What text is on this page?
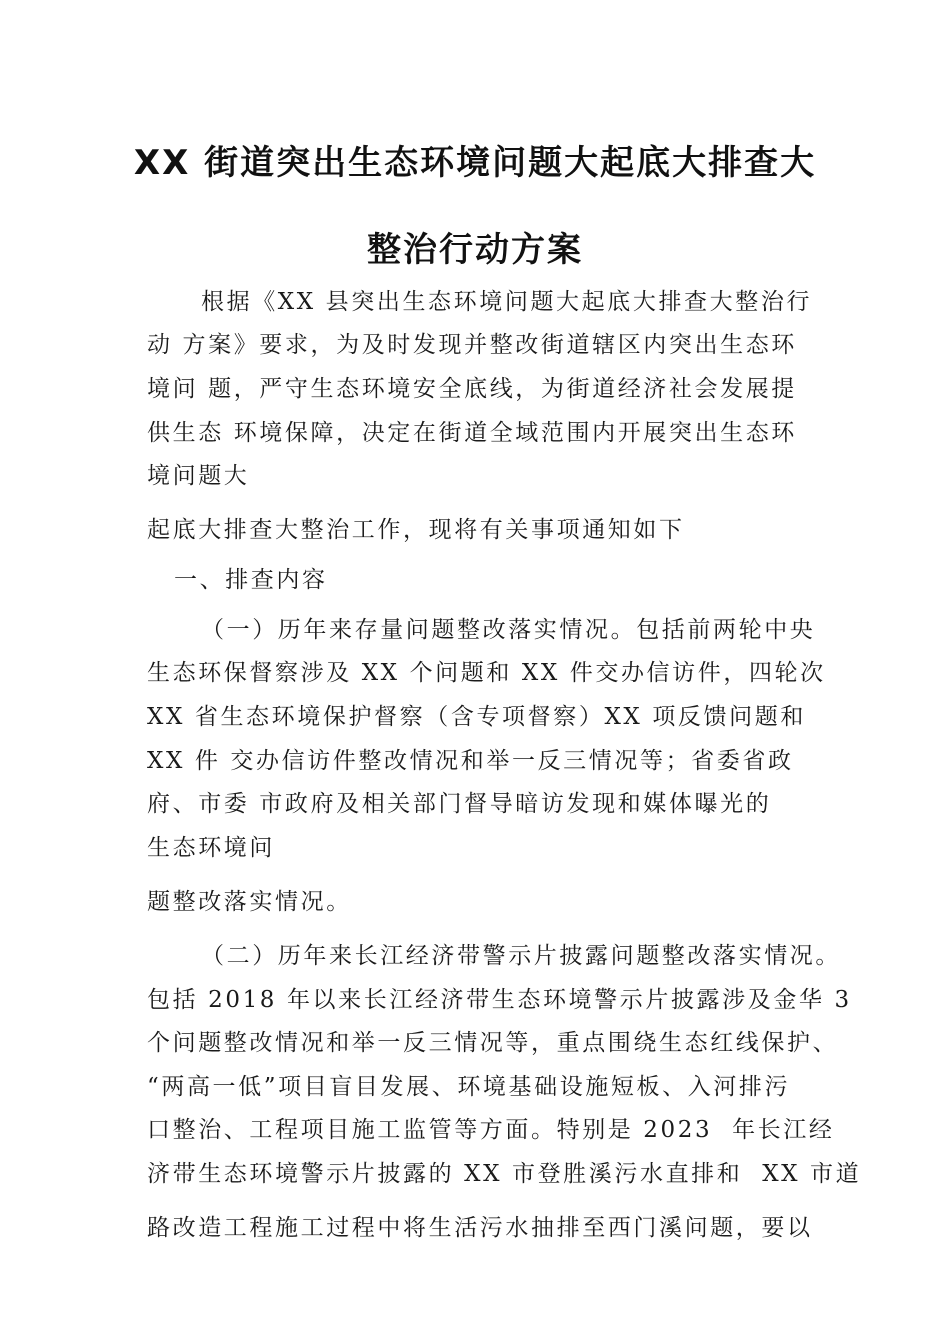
XX 街道突出生态环境问题大起底大排查大
整治行动方案
根据《XX 县突出生态环境问题大起底大排查大整治行
动 方案》要求，为及时发现并整改街道辖区内突出生态环
境问 题，严守生态环境安全底线，为街道经济社会发展提
供生态 环境保障，决定在街道全域范围内开展突出生态环
境问题大
起底大排查大整治工作，现将有关事项通知如下
一、排查内容
（一）历年来存量问题整改落实情况。包括前两轮中央
生态环保督察涉及 XX 个问题和 XX 件交办信访件，四轮次
XX 省生态环境保护督察（含专项督察）XX 项反馈问题和
XX 件 交办信访件整改情况和举一反三情况等；省委省政
府、市委 市政府及相关部门督导暗访发现和媒体曝光的
生态环境问
题整改落实情况。
（二）历年来长江经济带警示片披露问题整改落实情况。
包括 2018 年以来长江经济带生态环境警示片披露涉及金华 3
个问题整改情况和举一反三情况等，重点围绕生态红线保护、
“两高一低”项目盲目发展、环境基础设施短板、入河排污
口整治、工程项目施工监管等方面。特别是 2023  年长江经
济带生态环境警示片披露的 XX 市登胜溪污水直排和  XX 市道
路改造工程施工过程中将生活污水抽排至西门溪问题，要以
